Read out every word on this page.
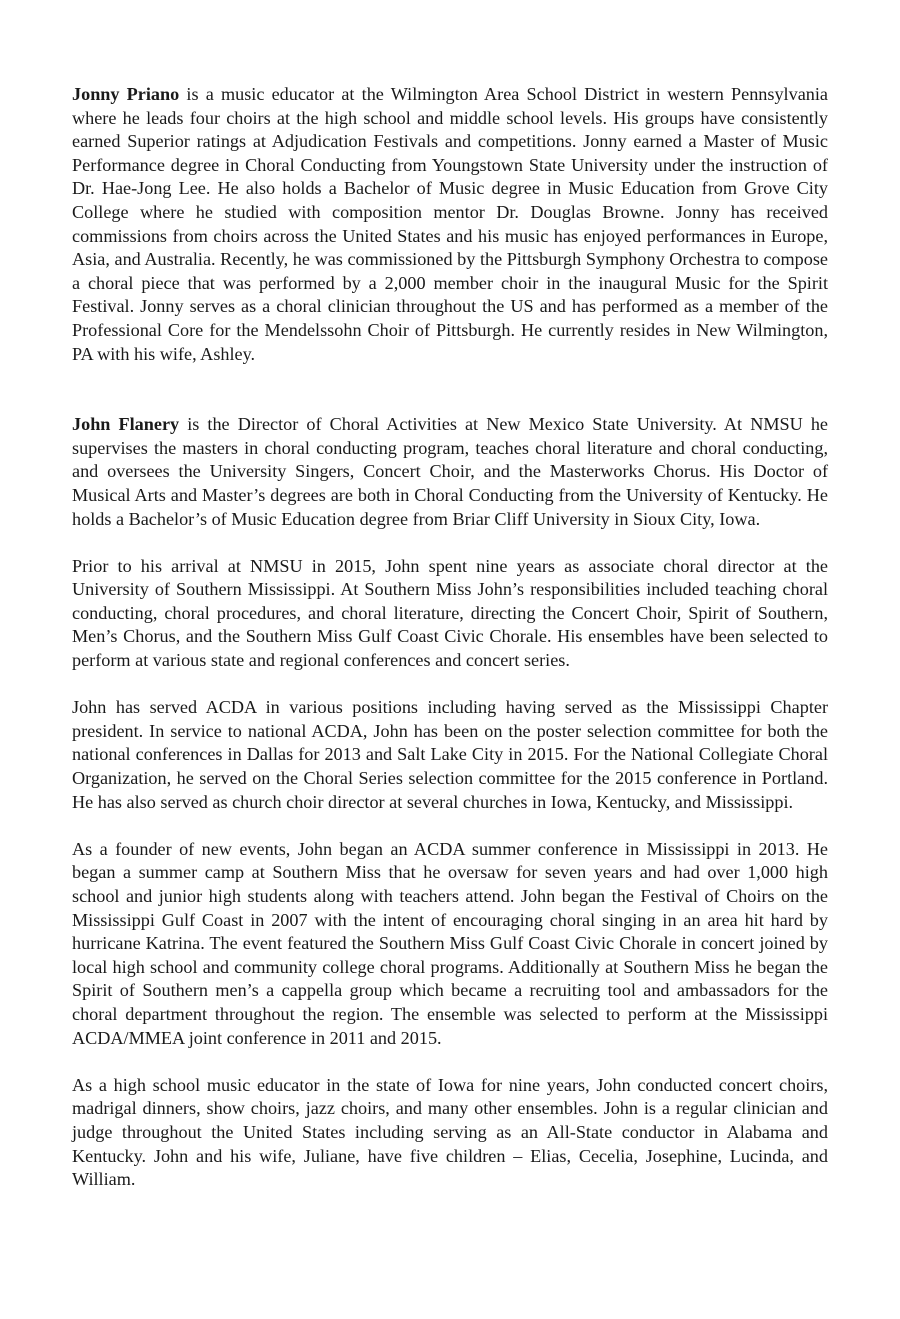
Jonny Priano is a music educator at the Wilmington Area School District in western Pennsylvania where he leads four choirs at the high school and middle school levels. His groups have consistently earned Superior ratings at Adjudication Festivals and competitions. Jonny earned a Master of Music Performance degree in Choral Conducting from Youngstown State University under the instruction of Dr. Hae-Jong Lee. He also holds a Bachelor of Music degree in Music Education from Grove City College where he studied with composition mentor Dr. Douglas Browne. Jonny has received commissions from choirs across the United States and his music has enjoyed performances in Europe, Asia, and Australia. Recently, he was commissioned by the Pittsburgh Symphony Orchestra to compose a choral piece that was performed by a 2,000 member choir in the inaugural Music for the Spirit Festival. Jonny serves as a choral clinician throughout the US and has performed as a member of the Professional Core for the Mendelssohn Choir of Pittsburgh. He currently resides in New Wilmington, PA with his wife, Ashley.

John Flanery is the Director of Choral Activities at New Mexico State University. At NMSU he supervises the masters in choral conducting program, teaches choral literature and choral conducting, and oversees the University Singers, Concert Choir, and the Masterworks Chorus. His Doctor of Musical Arts and Master’s degrees are both in Choral Conducting from the University of Kentucky. He holds a Bachelor’s of Music Education degree from Briar Cliff University in Sioux City, Iowa.

Prior to his arrival at NMSU in 2015, John spent nine years as associate choral director at the University of Southern Mississippi. At Southern Miss John’s responsibilities included teaching choral conducting, choral procedures, and choral literature, directing the Concert Choir, Spirit of Southern, Men’s Chorus, and the Southern Miss Gulf Coast Civic Chorale. His ensembles have been selected to perform at various state and regional conferences and concert series.

John has served ACDA in various positions including having served as the Mississippi Chapter president. In service to national ACDA, John has been on the poster selection committee for both the national conferences in Dallas for 2013 and Salt Lake City in 2015. For the National Collegiate Choral Organization, he served on the Choral Series selection committee for the 2015 conference in Portland. He has also served as church choir director at several churches in Iowa, Kentucky, and Mississippi.

As a founder of new events, John began an ACDA summer conference in Mississippi in 2013. He began a summer camp at Southern Miss that he oversaw for seven years and had over 1,000 high school and junior high students along with teachers attend. John began the Festival of Choirs on the Mississippi Gulf Coast in 2007 with the intent of encouraging choral singing in an area hit hard by hurricane Katrina. The event featured the Southern Miss Gulf Coast Civic Chorale in concert joined by local high school and community college choral programs. Additionally at Southern Miss he began the Spirit of Southern men’s a cappella group which became a recruiting tool and ambassadors for the choral department throughout the region. The ensemble was selected to perform at the Mississippi ACDA/MMEA joint conference in 2011 and 2015.

As a high school music educator in the state of Iowa for nine years, John conducted concert choirs, madrigal dinners, show choirs, jazz choirs, and many other ensembles. John is a regular clinician and judge throughout the United States including serving as an All-State conductor in Alabama and Kentucky. John and his wife, Juliane, have five children – Elias, Cecelia, Josephine, Lucinda, and William.
